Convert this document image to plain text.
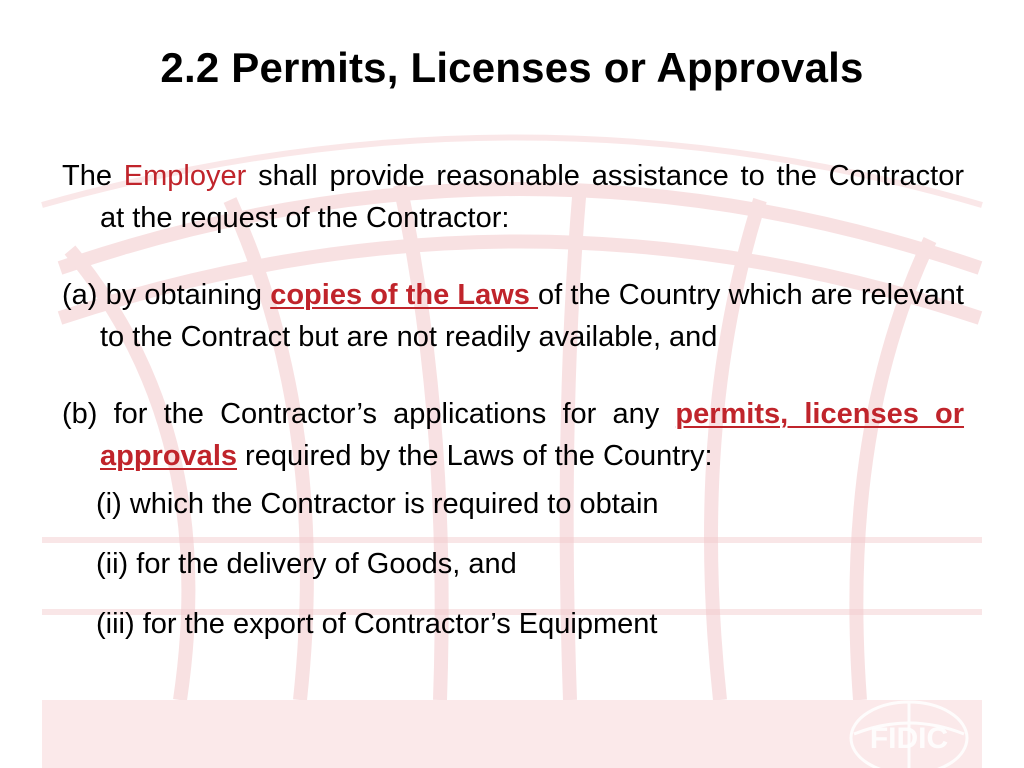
FIDIC
2.2 Permits, Licenses or Approvals

The Employer shall provide reasonable assistance to the Contractor at the request of the Contractor:

(a) by obtaining copies of the Laws of the Country which are relevant to the Contract but are not readily available, and

(b) for the Contractor’s applications for any permits, licenses or approvals required by the Laws of the Country:

(i) which the Contractor is required to obtain

(ii) for the delivery of Goods, and

(iii) for the export of Contractor’s Equipment
